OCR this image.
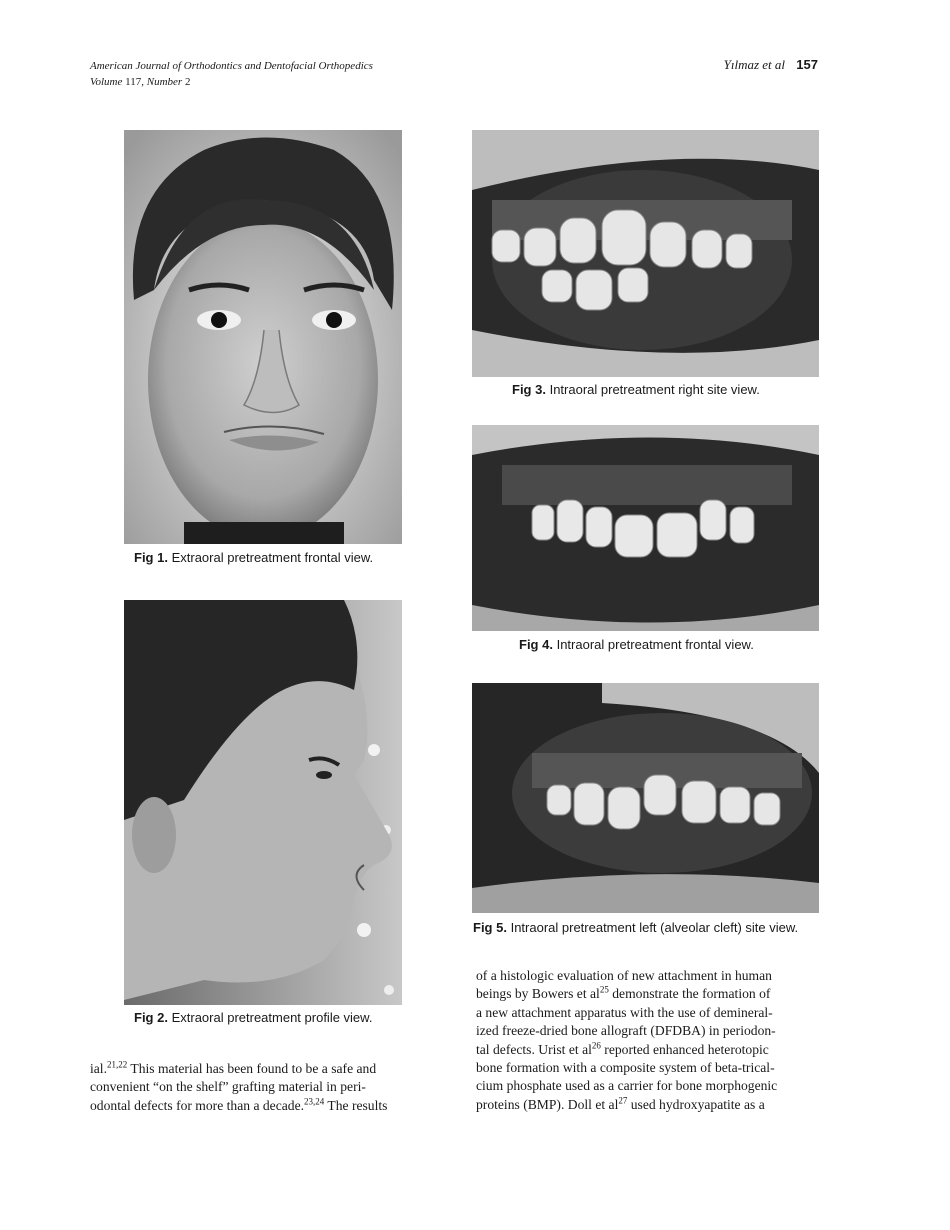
American Journal of Orthodontics and Dentofacial Orthopedics
Volume 117, Number 2
Yılmaz et al 157
Fig 1. Extraoral pretreatment frontal view.
Fig 2. Extraoral pretreatment profile view.
Fig 3. Intraoral pretreatment right site view.
Fig 4. Intraoral pretreatment frontal view.
Fig 5. Intraoral pretreatment left (alveolar cleft) site view.
ial.$^{21,22}$ This material has been found to be a safe and
convenient “on the shelf” grafting material in peri-
odontal defects for more than a decade.$^{23,24}$ The results
of a histologic evaluation of new attachment in human
beings by Bowers et $al^{25}$ demonstrate the formation of
a new attachment apparatus with the use of demineral-
ized freeze-dried bone allograft (DFDBA) in periodon-
tal defects. Urist et $al^{26}$ reported enhanced heterotopic
bone formation with a composite system of beta-trical-
cium phosphate used as a carrier for bone morphogenic
proteins (BMP). Doll et $al^{27}$ used hydroxyapatite as a
